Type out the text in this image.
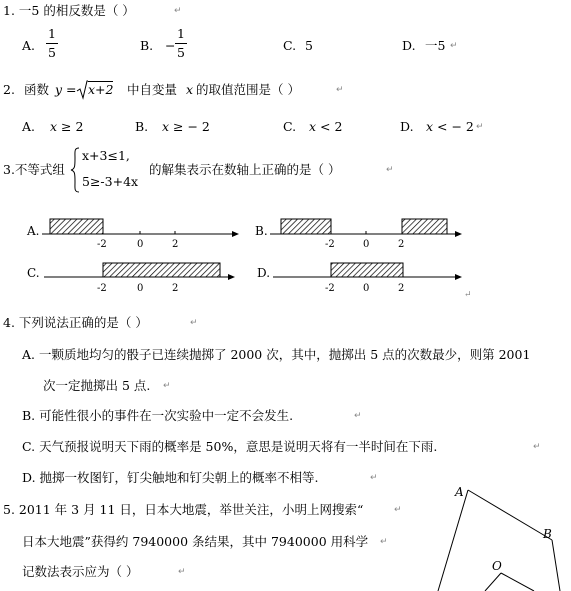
1. 一5 的相反数是（ ）	↵
A. $\frac{1}{5}$	B. − $\frac{1}{5}$	C. 5	D. 一5 ↵
2. 函数 y = x+2 中自变量 x 的取值范围是（ ）	↵
A. x ≥ 2	B. x ≥ − 2	C. x < 2	D. x < − 2 ↵
3.不等式组
x+3≤1,
5≥-3+4x
的解集表示在数轴上正确的是（ ）	↵
A.
-2	0	2
B.
-2	0	2
C.
-2	0	2
D.
-2	0	2
↵
4. 下列说法正确的是（ ）	↵
A. 一颗质地均匀的骰子已连续抛掷了 2000 次，其中，抛掷出 5 点的次数最少，则第 2001
次一定抛掷出 5 点. ↵
B. 可能性很小的事件在一次实验中一定不会发生.	↵
C. 天气预报说明天下雨的概率是 50%，意思是说明天将有一半时间在下雨.	↵
D. 抛掷一枚图钉，钉尖触地和钉尖朝上的概率不相等.	↵
5. 2011 年 3 月 11 日，日本大地震，举世关注，小明上网搜索“	↵
日本大地震”获得约 7940000 条结果，其中 7940000 用科学 ↵
记数法表示应为（ ）	↵
A
B
O
